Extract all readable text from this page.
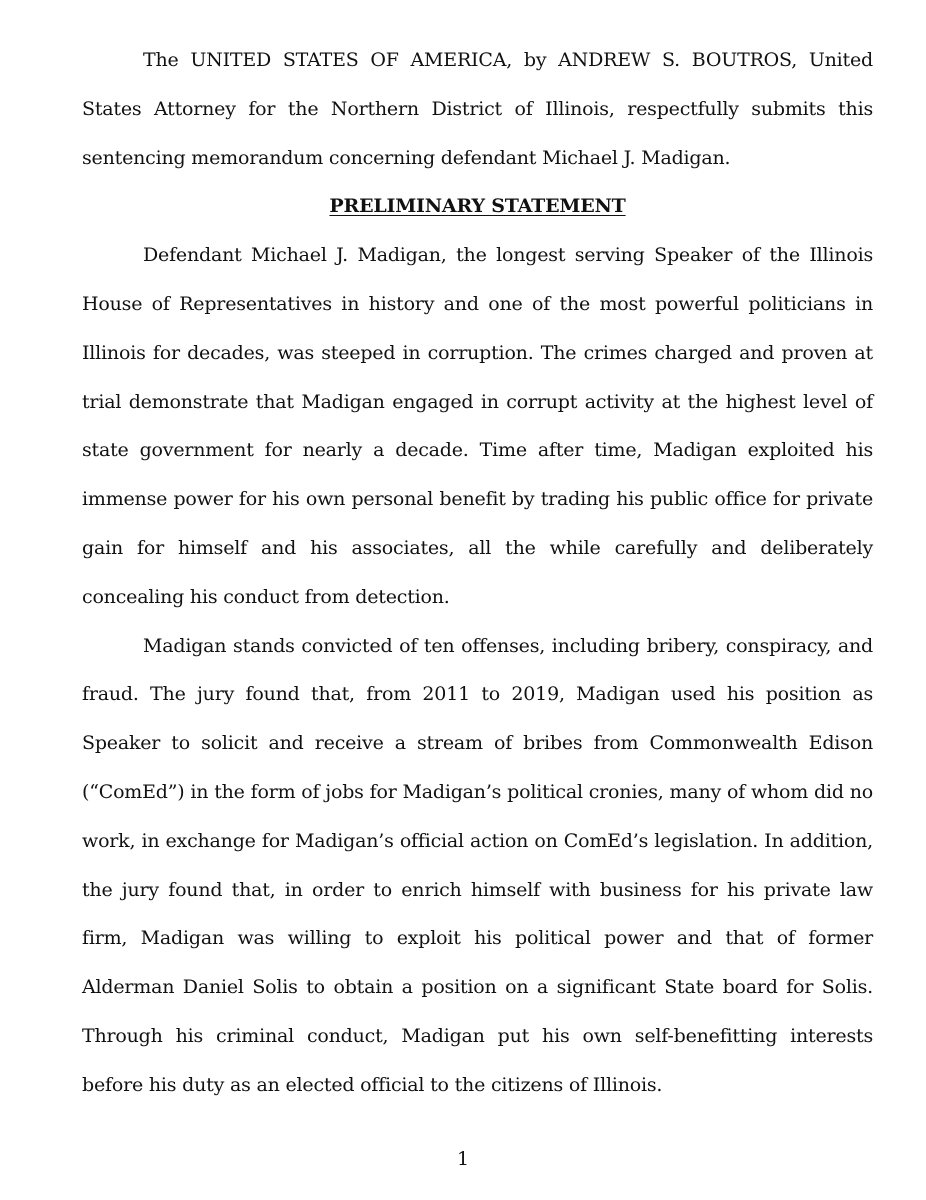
The UNITED STATES OF AMERICA, by ANDREW S. BOUTROS, United States Attorney for the Northern District of Illinois, respectfully submits this sentencing memorandum concerning defendant Michael J. Madigan.

PRELIMINARY STATEMENT

Defendant Michael J. Madigan, the longest serving Speaker of the Illinois House of Representatives in history and one of the most powerful politicians in Illinois for decades, was steeped in corruption. The crimes charged and proven at trial demonstrate that Madigan engaged in corrupt activity at the highest level of state government for nearly a decade. Time after time, Madigan exploited his immense power for his own personal benefit by trading his public office for private gain for himself and his associates, all the while carefully and deliberately concealing his conduct from detection.

Madigan stands convicted of ten offenses, including bribery, conspiracy, and fraud. The jury found that, from 2011 to 2019, Madigan used his position as Speaker to solicit and receive a stream of bribes from Commonwealth Edison (“ComEd”) in the form of jobs for Madigan’s political cronies, many of whom did no work, in exchange for Madigan’s official action on ComEd’s legislation. In addition, the jury found that, in order to enrich himself with business for his private law firm, Madigan was willing to exploit his political power and that of former Alderman Daniel Solis to obtain a position on a significant State board for Solis. Through his criminal conduct, Madigan put his own self-benefitting interests before his duty as an elected official to the citizens of Illinois.

1
